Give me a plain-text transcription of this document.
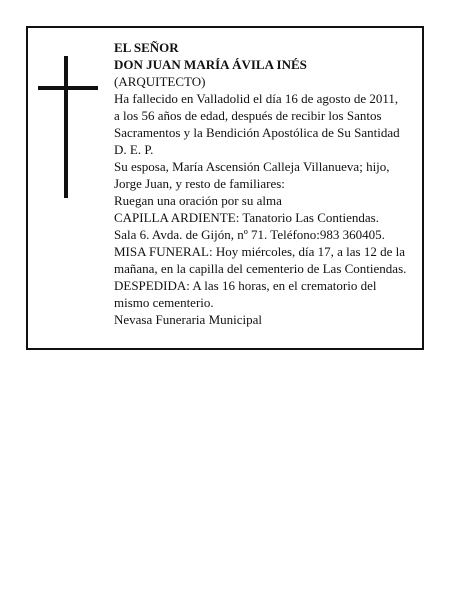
EL SEÑOR
DON JUAN MARÍA ÁVILA INÉS
(ARQUITECTO)
Ha fallecido en Valladolid el día 16 de agosto de 2011,
a los 56 años de edad, después de recibir los Santos
Sacramentos y la Bendición Apostólica de Su Santidad
D. E. P.
Su esposa, María Ascensión Calleja Villanueva; hijo,
Jorge Juan, y resto de familiares:
Ruegan una oración por su alma
CAPILLA ARDIENTE: Tanatorio Las Contiendas.
Sala 6. Avda. de Gijón, nº 71. Teléfono:983 360405.
MISA FUNERAL: Hoy miércoles, día 17, a las 12 de la
mañana, en la capilla del cementerio de Las Contiendas.
DESPEDIDA: A las 16 horas, en el crematorio del
mismo cementerio.
Nevasa Funeraria Municipal
